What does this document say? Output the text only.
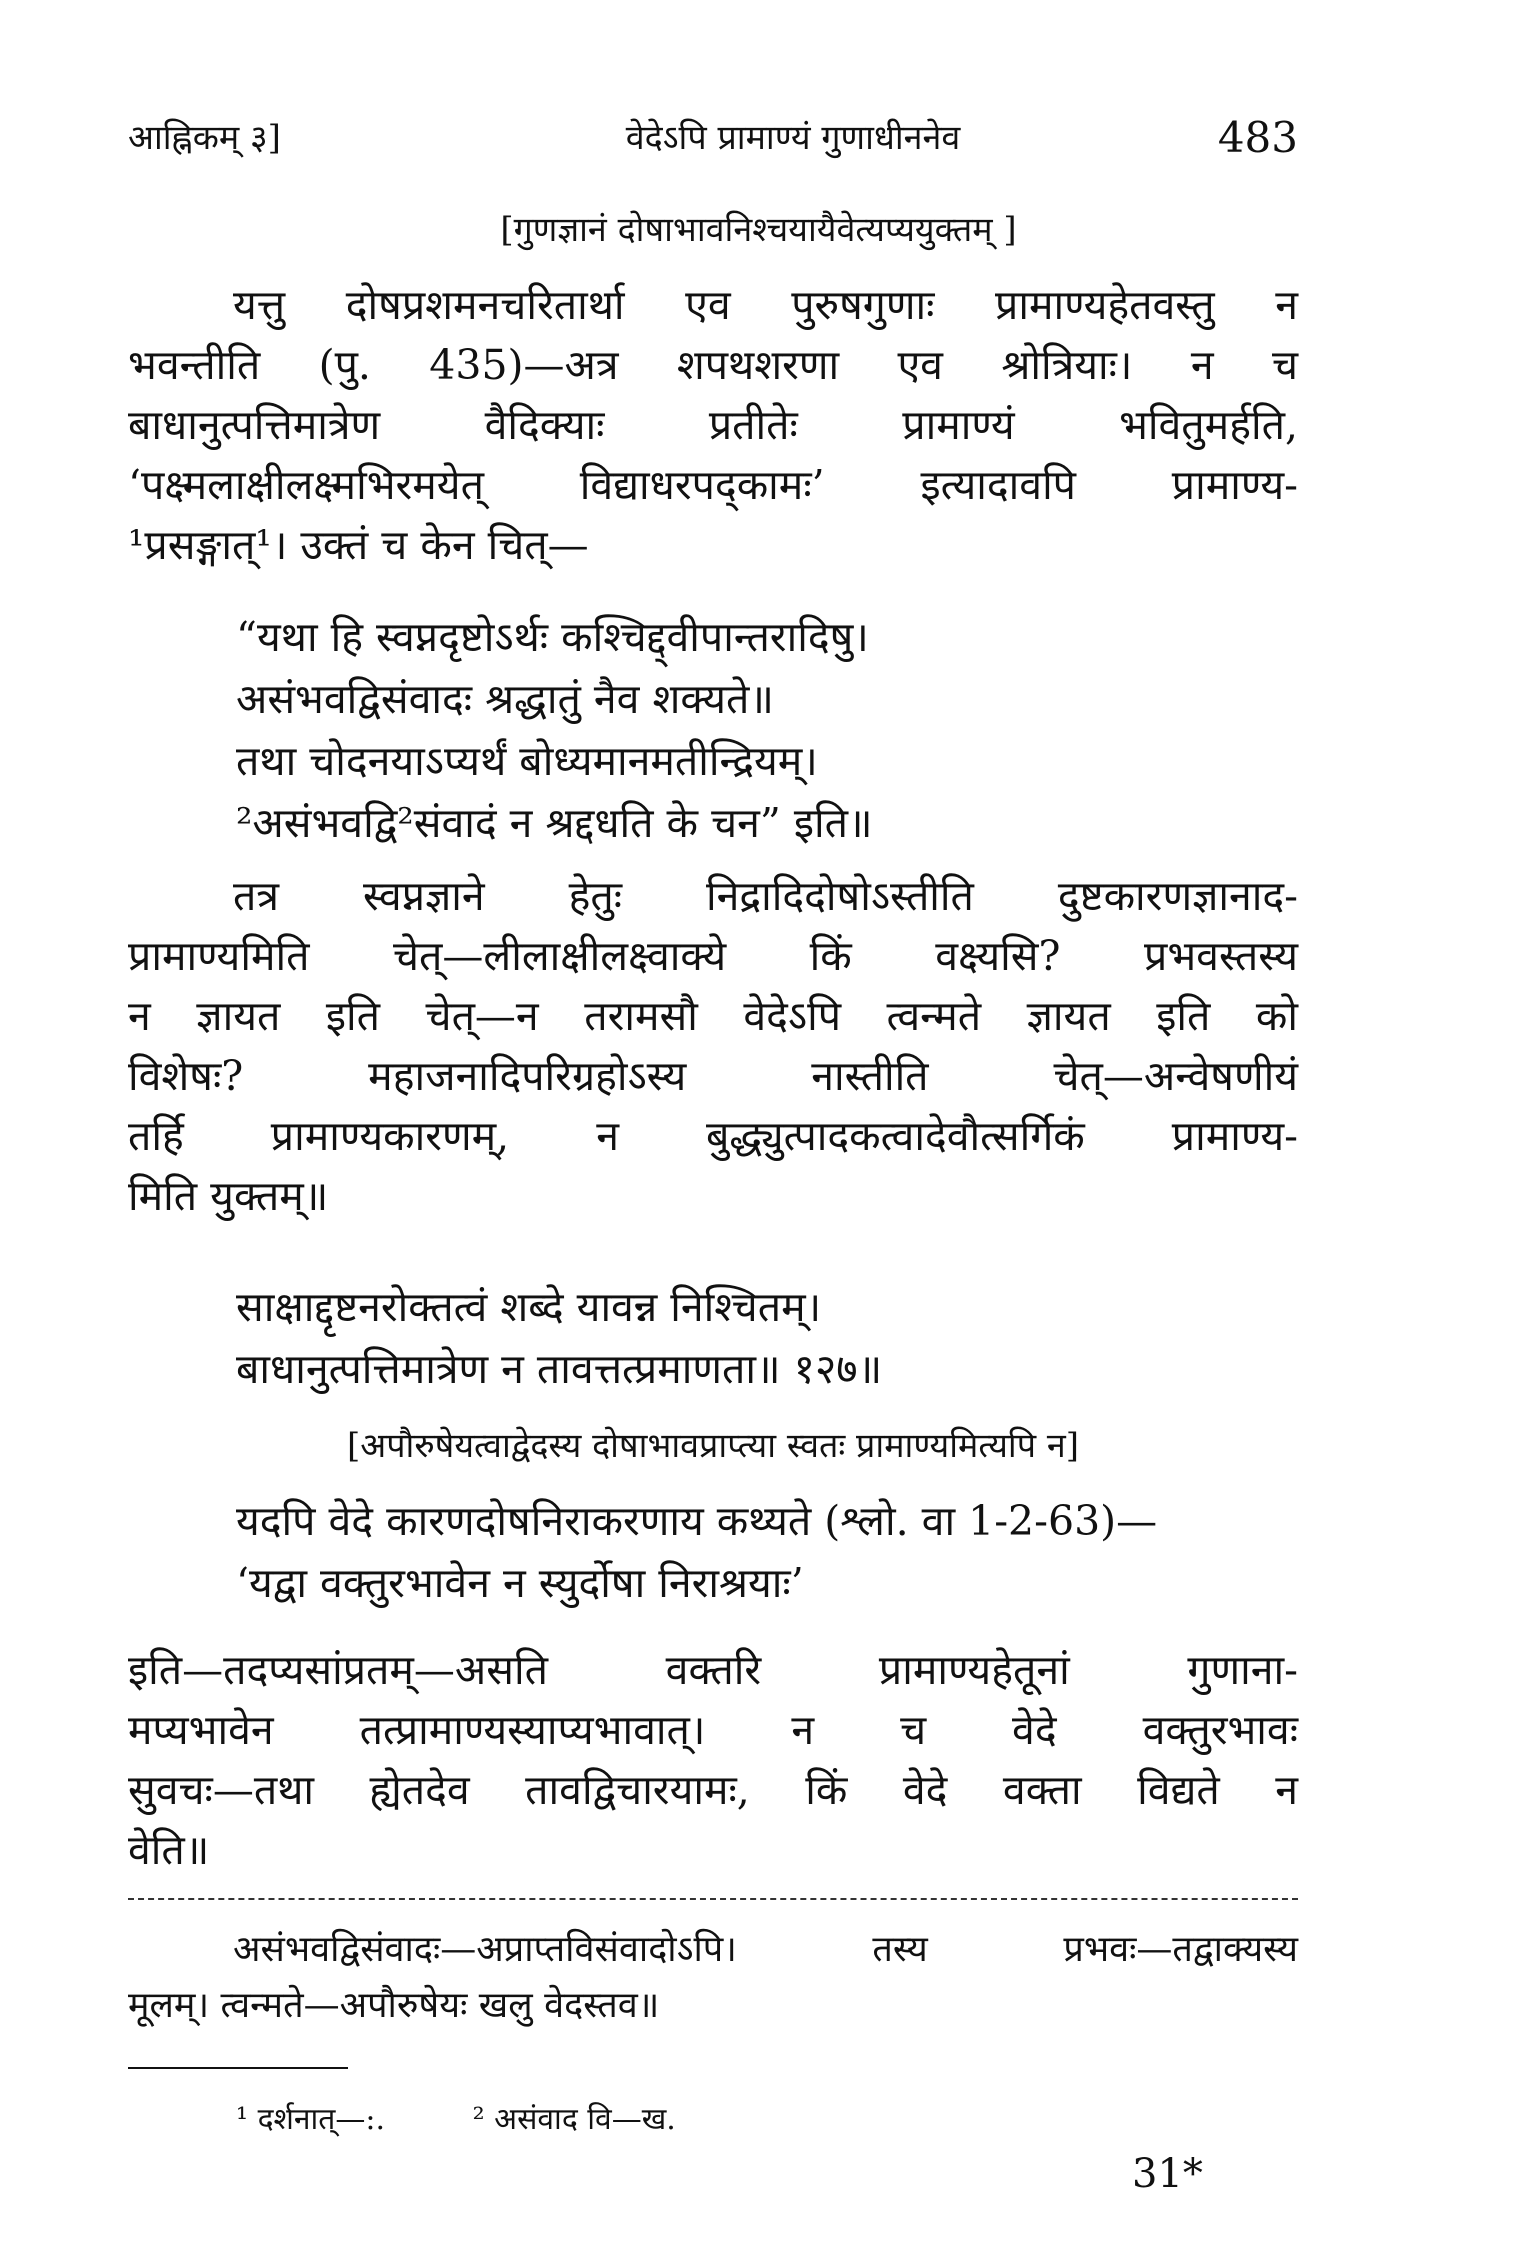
आह्निकम् ३]	वेदेऽपि प्रामाण्यं गुणाधीननेव	483
[गुणज्ञानं दोषाभावनिश्चयायैवेत्यप्ययुक्तम् ]
यत्तु दोषप्रशमनचरितार्था एव पुरुषगुणाः प्रामाण्यहेतवस्तु न
भवन्तीति (पु. 435)—अत्र शपथशरणा एव श्रोत्रियाः। न च
बाधानुत्पत्तिमात्रेण वैदिक्याः प्रतीतेः प्रामाण्यं भवितुमर्हति,
‘पक्ष्मलाक्षीलक्ष्मभिरमयेत् विद्याधरपद्कामः’ इत्यादावपि प्रामाण्य-
¹प्रसङ्गात्¹। उक्तं च केन चित्—
“यथा हि स्वप्नदृष्टोऽर्थः कश्चिद्द्वीपान्तरादिषु।
असंभवद्विसंवादः श्रद्धातुं नैव शक्यते॥
तथा चोदनयाऽप्यर्थं बोध्यमानमतीन्द्रियम्।
²असंभवद्वि²संवादं न श्रद्दधति के चन” इति॥
तत्र स्वप्नज्ञाने हेतुः निद्रादिदोषोऽस्तीति दुष्टकारणज्ञानाद-
प्रामाण्यमिति चेत्—लीलाक्षीलक्ष्वाक्ये किं वक्ष्यसि? प्रभवस्तस्य
न ज्ञायत इति चेत्—न तरामसौ वेदेऽपि त्वन्मते ज्ञायत इति को
विशेषः? महाजनादिपरिग्रहोऽस्य नास्तीति चेत्—अन्वेषणीयं
तर्हि प्रामाण्यकारणम्, न बुद्ध्युत्पादकत्वादेवौत्सर्गिकं प्रामाण्य-
मिति युक्तम्॥
साक्षाद्दृष्टनरोक्तत्वं शब्दे यावन्न निश्चितम्।
बाधानुत्पत्तिमात्रेण न तावत्तत्प्रमाणता॥ १२७॥
[अपौरुषेयत्वाद्वेदस्य दोषाभावप्राप्त्या स्वतः प्रामाण्यमित्यपि न]
यदपि वेदे कारणदोषनिराकरणाय कथ्यते (श्लो. वा 1-2-63)—
‘यद्वा वक्तुरभावेन न स्युर्दोषा निराश्रयाः’
इति—तदप्यसांप्रतम्—असति वक्तरि प्रामाण्यहेतूनां गुणाना-
मप्यभावेन तत्प्रामाण्यस्याप्यभावात्। न च वेदे वक्तुरभावः
सुवचः—तथा ह्येतदेव तावद्विचारयामः, किं वेदे वक्ता विद्यते न
वेति॥
असंभवद्विसंवादः—अप्राप्तविसंवादोऽपि। तस्य प्रभवः—तद्वाक्यस्य
मूलम्। त्वन्मते—अपौरुषेयः खलु वेदस्तव॥
¹ दर्शनात्—:.	² असंवाद वि—ख.
31*
